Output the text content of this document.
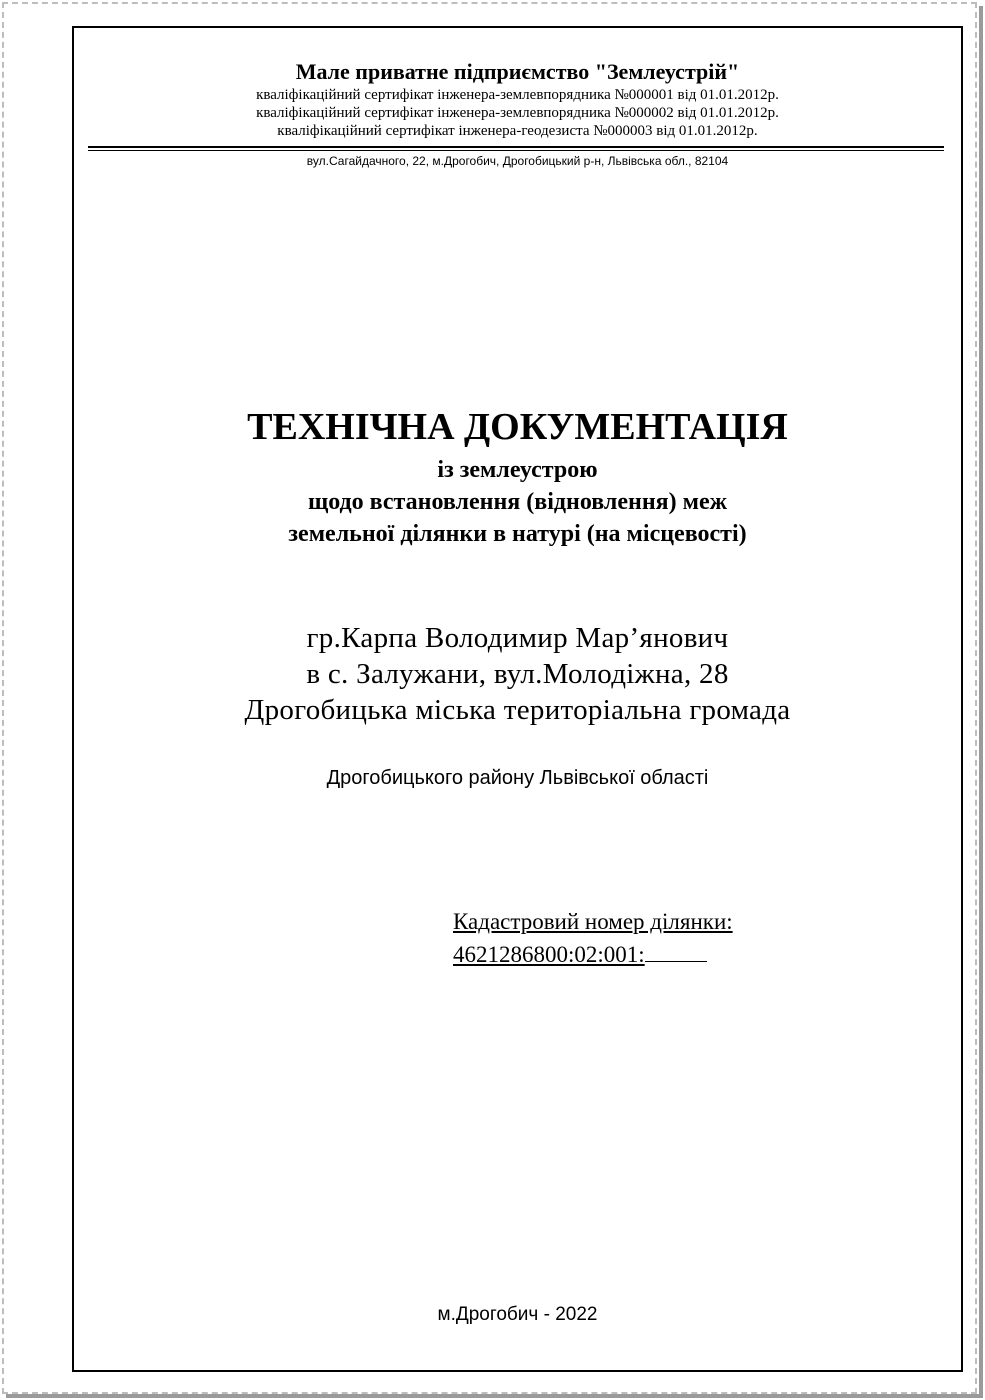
Мале приватне підприємство "Землеустрій"
кваліфікаційний сертифікат інженера-землевпорядника №000001 від 01.01.2012р.
кваліфікаційний сертифікат інженера-землевпорядника №000002 від 01.01.2012р.
кваліфікаційний сертифікат інженера-геодезиста №000003 від 01.01.2012р.
вул.Сагайдачного, 22, м.Дрогобич, Дрогобицький р-н, Львівська обл., 82104
ТЕХНІЧНА ДОКУМЕНТАЦІЯ
із землеустрою
щодо встановлення (відновлення) меж
земельної ділянки в натурі (на місцевості)
гр.Карпа Володимир Мар’янович
в с. Залужани, вул.Молодіжна, 28
Дрогобицька міська територіальна громада
Дрогобицького району Львівської області
Кадастровий номер ділянки:
4621286800:02:001:
м.Дрогобич - 2022
